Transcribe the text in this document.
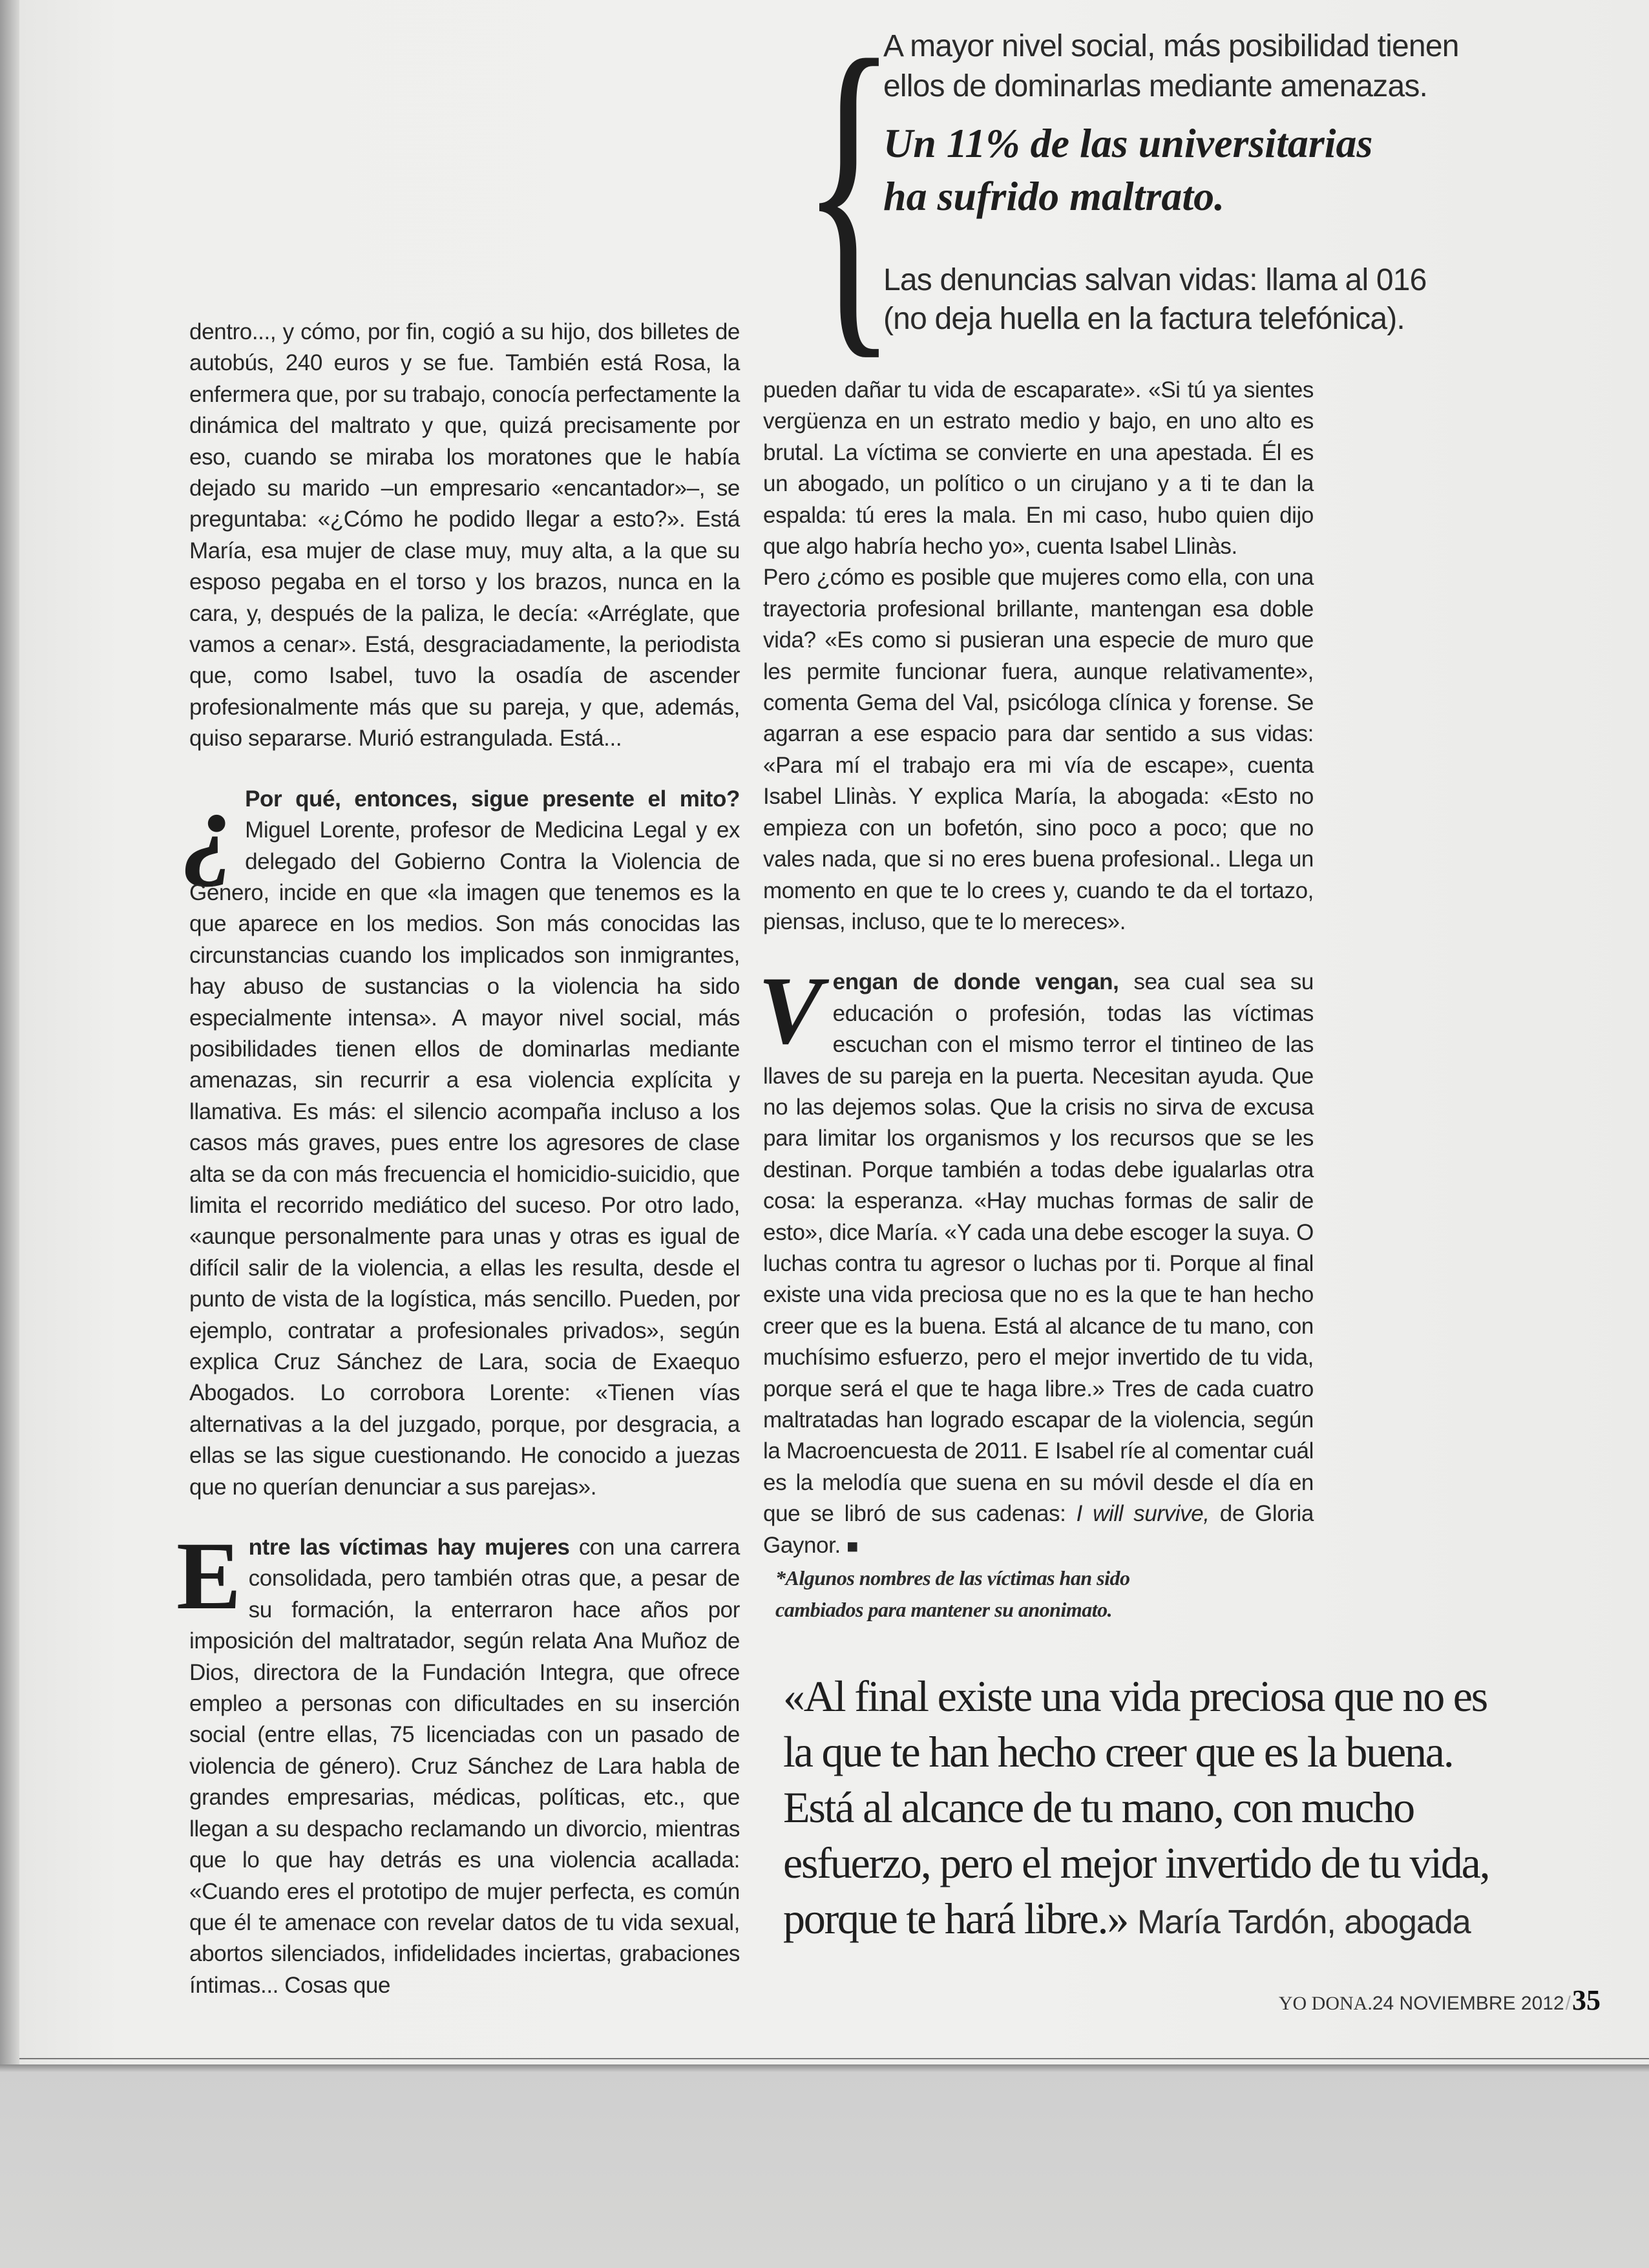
{
A mayor nivel social, más posibilidad tienen
ellos de dominarlas mediante amenazas.
Un 11% de las universitarias
ha sufrido maltrato.
Las denuncias salvan vidas: llama al 016
(no deja huella en la factura telefónica).

dentro..., y cómo, por fin, cogió a su hijo, dos billetes de autobús, 240 euros y se fue. También está Rosa, la enfermera que, por su trabajo, conocía perfectamente la dinámica del maltrato y que, quizá precisamente por eso, cuando se miraba los moratones que le había dejado su marido –un empresario «encantador»–, se preguntaba: «¿Cómo he podido llegar a esto?». Está María, esa mujer de clase muy, muy alta, a la que su esposo pegaba en el torso y los brazos, nunca en la cara, y, después de la paliza, le decía: «Arréglate, que vamos a cenar». Está, desgraciadamente, la periodista que, como Isabel, tuvo la osadía de ascender profesionalmente más que su pareja, y que, además, quiso separarse. Murió estrangulada. Está...

¿ Por qué, entonces, sigue presente el mito? Miguel Lorente, profesor de Medicina Legal y ex delegado del Gobierno Contra la Violencia de Género, incide en que «la imagen que tenemos es la que aparece en los medios. Son más conocidas las circunstancias cuando los implicados son inmigrantes, hay abuso de sustancias o la violencia ha sido especialmente intensa». A mayor nivel social, más posibilidades tienen ellos de dominarlas mediante amenazas, sin recurrir a esa violencia explícita y llamativa. Es más: el silencio acompaña incluso a los casos más graves, pues entre los agresores de clase alta se da con más frecuencia el homicidio-suicidio, que limita el recorrido mediático del suceso. Por otro lado, «aunque personalmente para unas y otras es igual de difícil salir de la violencia, a ellas les resulta, desde el punto de vista de la logística, más sencillo. Pueden, por ejemplo, contratar a profesionales privados», según explica Cruz Sánchez de Lara, socia de Exaequo Abogados. Lo corrobora Lorente: «Tienen vías alternativas a la del juzgado, porque, por desgracia, a ellas se las sigue cuestionando. He conocido a juezas que no querían denunciar a sus parejas».

Entre las víctimas hay mujeres con una carrera consolidada, pero también otras que, a pesar de su formación, la enterraron hace años por imposición del maltratador, según relata Ana Muñoz de Dios, directora de la Fundación Integra, que ofrece empleo a personas con dificultades en su inserción social (entre ellas, 75 licenciadas con un pasado de violencia de género). Cruz Sánchez de Lara habla de grandes empresarias, médicas, políticas, etc., que llegan a su despacho reclamando un divorcio, mientras que lo que hay detrás es una violencia acallada: «Cuando eres el prototipo de mujer perfecta, es común que él te amenace con revelar datos de tu vida sexual, abortos silenciados, infidelidades inciertas, grabaciones íntimas... Cosas que

pueden dañar tu vida de escaparate». «Si tú ya sientes vergüenza en un estrato medio y bajo, en uno alto es brutal. La víctima se convierte en una apestada. Él es un abogado, un político o un cirujano y a ti te dan la espalda: tú eres la mala. En mi caso, hubo quien dijo que algo habría hecho yo», cuenta Isabel Llinàs.

Pero ¿cómo es posible que mujeres como ella, con una trayectoria profesional brillante, mantengan esa doble vida? «Es como si pusieran una especie de muro que les permite funcionar fuera, aunque relativamente», comenta Gema del Val, psicóloga clínica y forense. Se agarran a ese espacio para dar sentido a sus vidas: «Para mí el trabajo era mi vía de escape», cuenta Isabel Llinàs. Y explica María, la abogada: «Esto no empieza con un bofetón, sino poco a poco; que no vales nada, que si no eres buena profesional.. Llega un momento en que te lo crees y, cuando te da el tortazo, piensas, incluso, que te lo mereces».

Vengan de donde vengan, sea cual sea su educación o profesión, todas las víctimas escuchan con el mismo terror el tintineo de las llaves de su pareja en la puerta. Necesitan ayuda. Que no las dejemos solas. Que la crisis no sirva de excusa para limitar los organismos y los recursos que se les destinan. Porque también a todas debe igualarlas otra cosa: la esperanza. «Hay muchas formas de salir de esto», dice María. «Y cada una debe escoger la suya. O luchas contra tu agresor o luchas por ti. Porque al final existe una vida preciosa que no es la que te han hecho creer que es la buena. Está al alcance de tu mano, con muchísimo esfuerzo, pero el mejor invertido de tu vida, porque será el que te haga libre.» Tres de cada cuatro maltratadas han logrado escapar de la violencia, según la Macroencuesta de 2011. E Isabel ríe al comentar cuál es la melodía que suena en su móvil desde el día en que se libró de sus cadenas: I will survive, de Gloria Gaynor. ■

*Algunos nombres de las víctimas han sido
cambiados para mantener su anonimato.
«Al final existe una vida preciosa que no es
la que te han hecho creer que es la buena.
Está al alcance de tu mano, con mucho
esfuerzo, pero el mejor invertido de tu vida,
porque te hará libre.» María Tardón, abogada
YO DONA.24 NOVIEMBRE 2012/35
